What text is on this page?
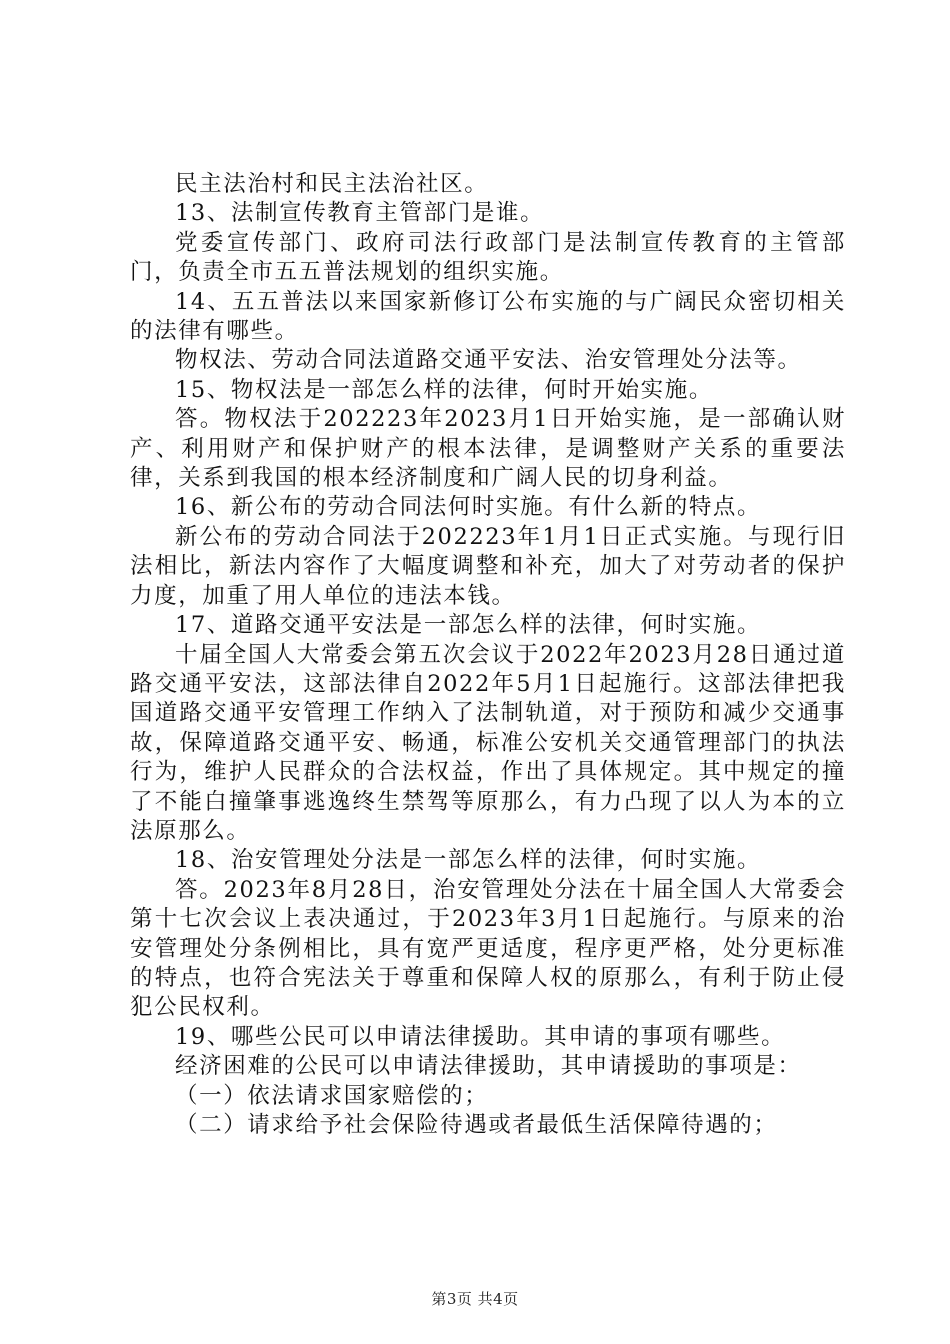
民主法治村和民主法治社区。

13、法制宣传教育主管部门是谁。

党委宣传部门、政府司法行政部门是法制宣传教育的主管部门，负责全市五五普法规划的组织实施。

14、五五普法以来国家新修订公布实施的与广阔民众密切相关的法律有哪些。

物权法、劳动合同法道路交通平安法、治安管理处分法等。

15、物权法是一部怎么样的法律，何时开始实施。

答。物权法于202223年2023月1日开始实施，是一部确认财产、利用财产和保护财产的根本法律，是调整财产关系的重要法律，关系到我国的根本经济制度和广阔人民的切身利益。

16、新公布的劳动合同法何时实施。有什么新的特点。

新公布的劳动合同法于202223年1月1日正式实施。与现行旧法相比，新法内容作了大幅度调整和补充，加大了对劳动者的保护力度，加重了用人单位的违法本钱。

17、道路交通平安法是一部怎么样的法律，何时实施。

十届全国人大常委会第五次会议于2022年2023月28日通过道路交通平安法，这部法律自2022年5月1日起施行。这部法律把我国道路交通平安管理工作纳入了法制轨道，对于预防和减少交通事故，保障道路交通平安、畅通，标准公安机关交通管理部门的执法行为，维护人民群众的合法权益，作出了具体规定。其中规定的撞了不能白撞肇事逃逸终生禁驾等原那么，有力凸现了以人为本的立法原那么。

18、治安管理处分法是一部怎么样的法律，何时实施。

答。2023年8月28日，治安管理处分法在十届全国人大常委会第十七次会议上表决通过，于2023年3月1日起施行。与原来的治安管理处分条例相比，具有宽严更适度，程序更严格，处分更标准的特点，也符合宪法关于尊重和保障人权的原那么，有利于防止侵犯公民权利。

19、哪些公民可以申请法律援助。其申请的事项有哪些。

经济困难的公民可以申请法律援助，其申请援助的事项是：

（一）依法请求国家赔偿的；

（二）请求给予社会保险待遇或者最低生活保障待遇的；

第3页 共4页
